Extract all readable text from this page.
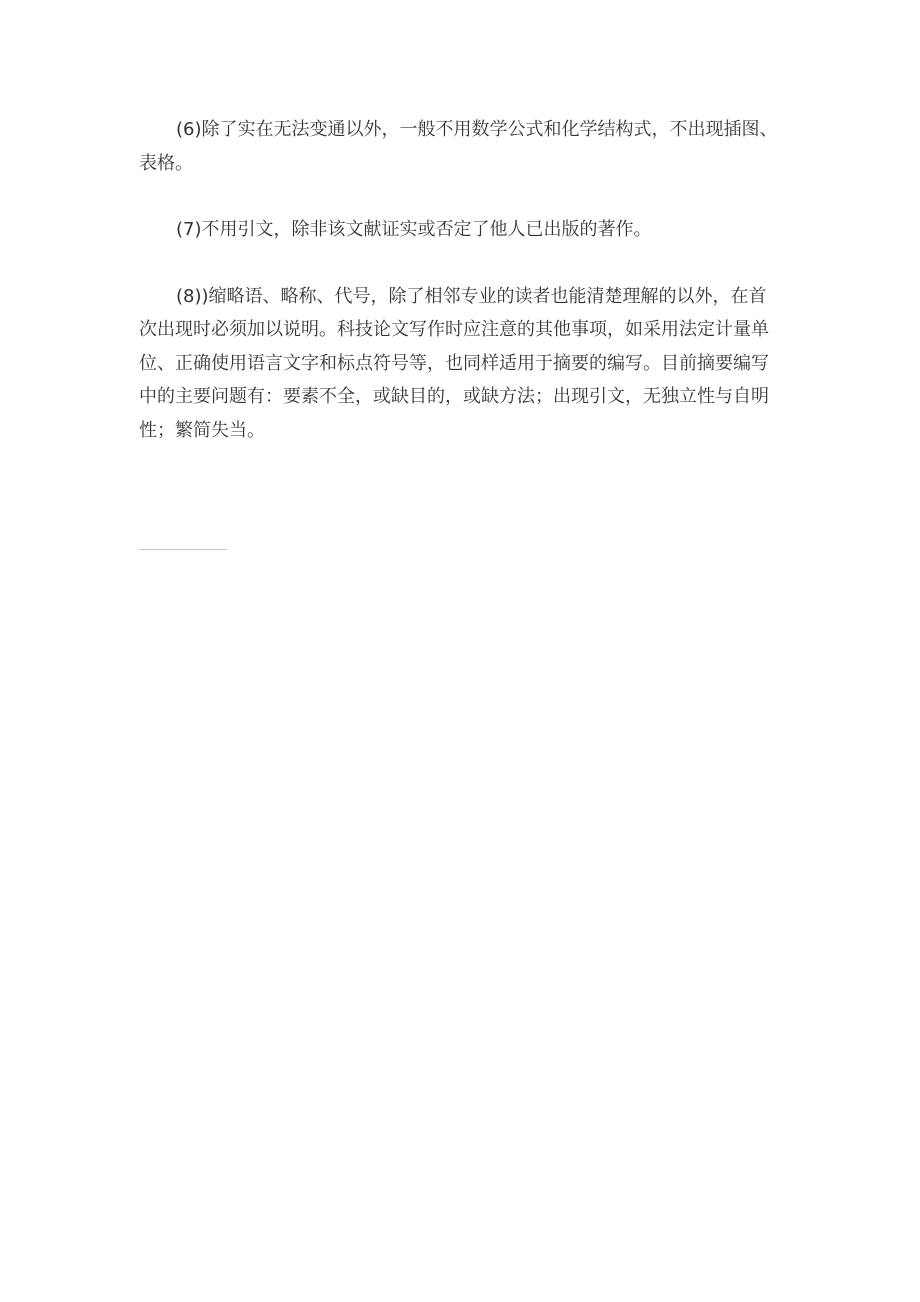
(6)除了实在无法变通以外，一般不用数学公式和化学结构式，不出现插图、表格。

(7)不用引文，除非该文献证实或否定了他人已出版的著作。

(8))缩略语、略称、代号，除了相邻专业的读者也能清楚理解的以外，在首次出现时必须加以说明。科技论文写作时应注意的其他事项，如采用法定计量单位、正确使用语言文字和标点符号等，也同样适用于摘要的编写。目前摘要编写中的主要问题有：要素不全，或缺目的，或缺方法；出现引文，无独立性与自明性；繁简失当。
